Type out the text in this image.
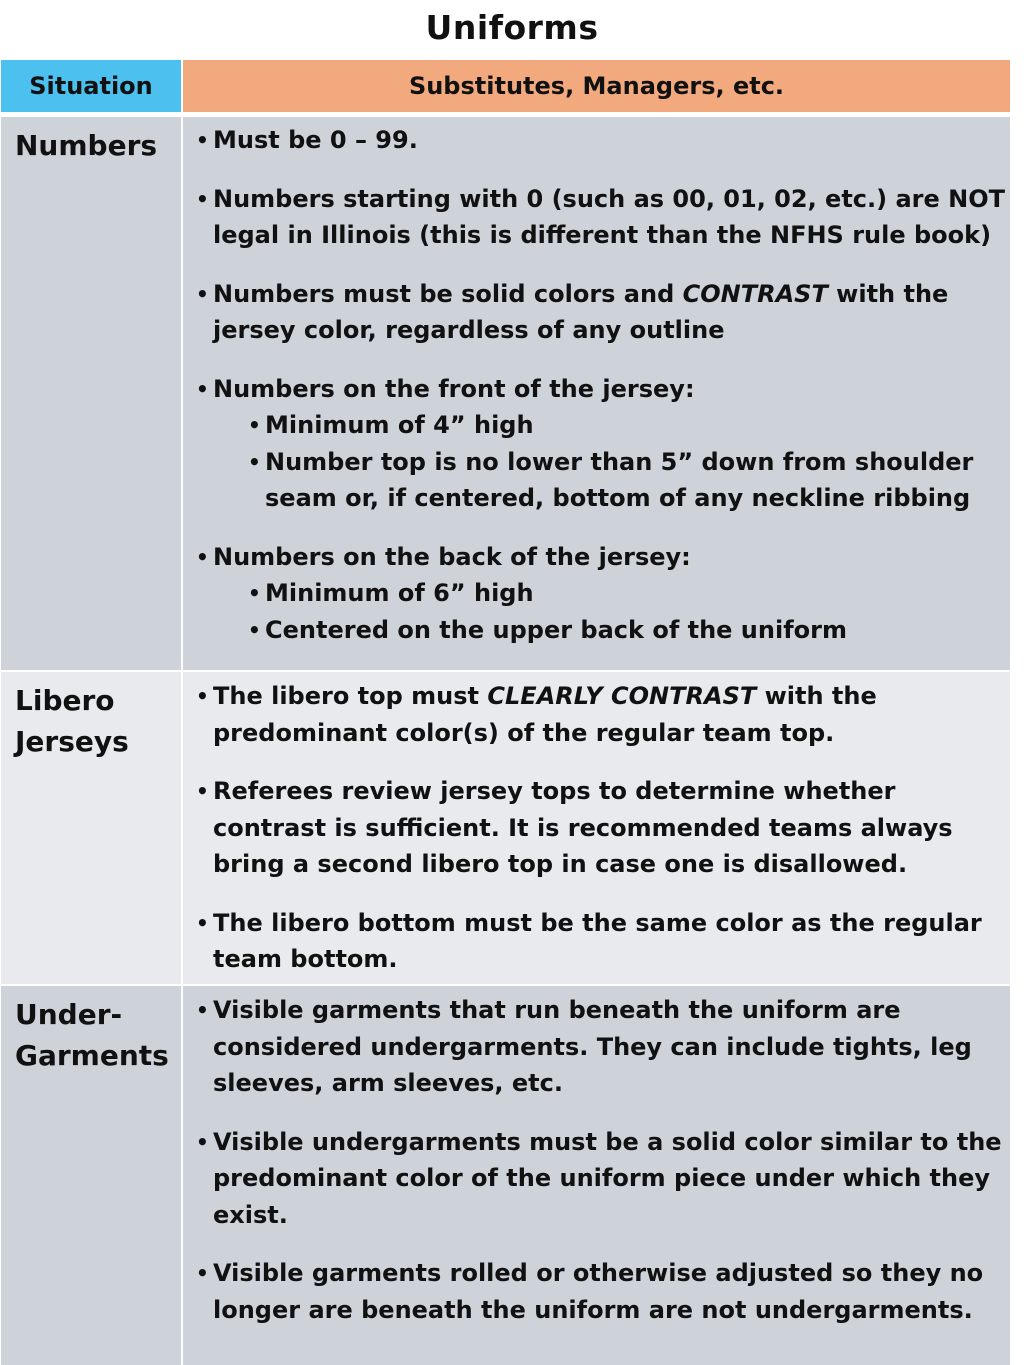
Uniforms
Situation	Substitutes, Managers, etc.
Numbers
•	Must be 0 – 99.
• Numbers starting with 0 (such as 00, 01, 02, etc.) are NOT legal in Illinois (this is different than the NFHS rule book)
• Numbers must be solid colors and CONTRAST with the jersey color, regardless of any outline
• Numbers on the front of the jersey:
• Minimum of 4” high
• Number top is no lower than 5” down from shoulder seam or, if centered, bottom of any neckline ribbing
• Numbers on the back of the jersey:
• Minimum of 6” high
• Centered on the upper back of the uniform
Libero Jerseys
• The libero top must CLEARLY CONTRAST with the predominant color(s) of the regular team top.
• Referees review jersey tops to determine whether contrast is sufficient. It is recommended teams always bring a second libero top in case one is disallowed.
• The libero bottom must be the same color as the regular team bottom.
Under-Garments
• Visible garments that run beneath the uniform are considered undergarments. They can include tights, leg sleeves, arm sleeves, etc.
• Visible undergarments must be a solid color similar to the predominant color of the uniform piece under which they exist.
• Visible garments rolled or otherwise adjusted so they no longer are beneath the uniform are not undergarments.
